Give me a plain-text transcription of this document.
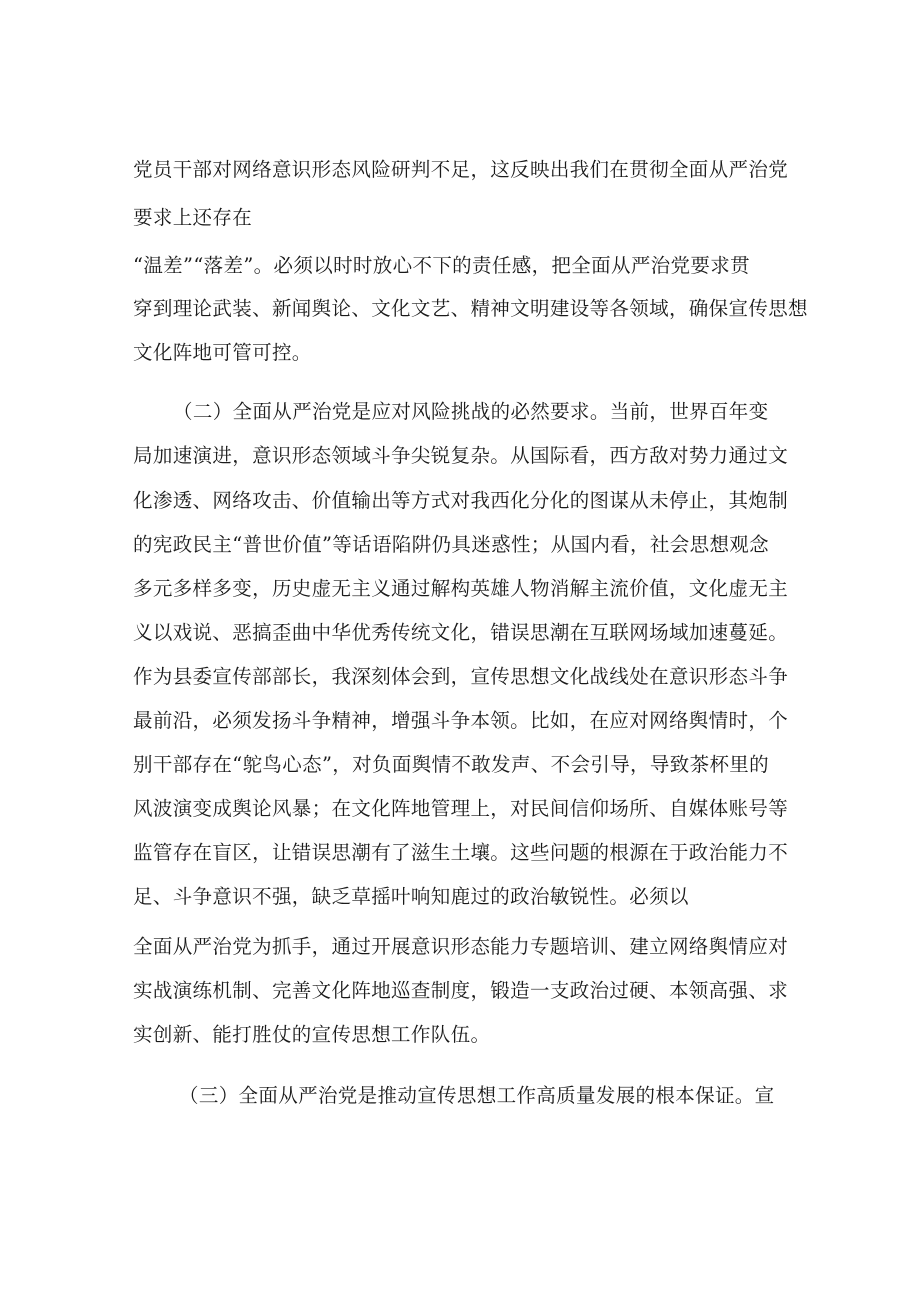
党员干部对网络意识形态风险研判不足，这反映出我们在贯彻全面从严治党

要求上还存在

“温差”“落差”。必须以时时放心不下的责任感，把全面从严治党要求贯

穿到理论武装、新闻舆论、文化文艺、精神文明建设等各领域，确保宣传思想

文化阵地可管可控。

（二）全面从严治党是应对风险挑战的必然要求。当前，世界百年变

局加速演进，意识形态领域斗争尖锐复杂。从国际看，西方敌对势力通过文

化渗透、网络攻击、价值输出等方式对我西化分化的图谋从未停止，其炮制

的宪政民主“普世价值”等话语陷阱仍具迷惑性；从国内看，社会思想观念

多元多样多变，历史虚无主义通过解构英雄人物消解主流价值，文化虚无主

义以戏说、恶搞歪曲中华优秀传统文化，错误思潮在互联网场域加速蔓延。

作为县委宣传部部长，我深刻体会到，宣传思想文化战线处在意识形态斗争

最前沿，必须发扬斗争精神，增强斗争本领。比如，在应对网络舆情时，个

别干部存在“鸵鸟心态”，对负面舆情不敢发声、不会引导，导致茶杯里的

风波演变成舆论风暴；在文化阵地管理上，对民间信仰场所、自媒体账号等

监管存在盲区，让错误思潮有了滋生土壤。这些问题的根源在于政治能力不

足、斗争意识不强，缺乏草摇叶响知鹿过的政治敏锐性。必须以

全面从严治党为抓手，通过开展意识形态能力专题培训、建立网络舆情应对

实战演练机制、完善文化阵地巡查制度，锻造一支政治过硬、本领高强、求

实创新、能打胜仗的宣传思想工作队伍。

（三）全面从严治党是推动宣传思想工作高质量发展的根本保证。宣
